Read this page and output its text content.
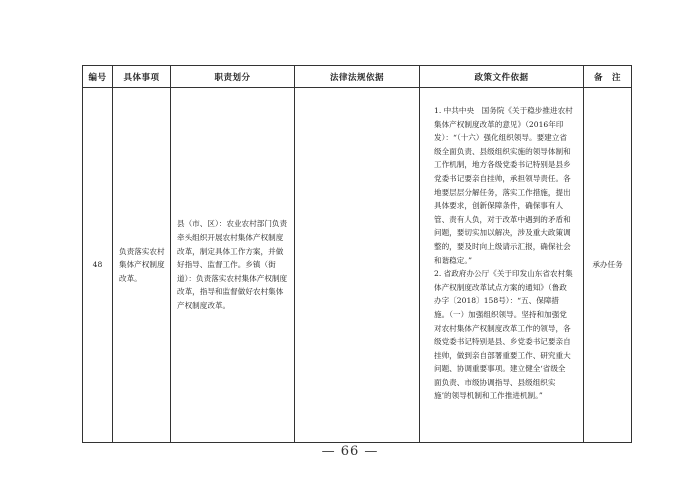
编号	具体事项	职责划分	法律法规依据	政策文件依据	备　注
48	负责落实农村集体产权制度改革。	县（市、区）：农业农村部门负责牵头组织开展农村集体产权制度改革，制定具体工作方案，并做好指导、监督工作。乡镇（街道）：负责落实农村集体产权制度改革，指导和监督做好农村集体产权制度改革。		1. 中共中央　国务院《关于稳步推进农村集体产权制度改革的意见》（2016年印发）：“（十六）强化组织领导。要建立省级全面负责、县级组织实施的领导体制和工作机制，地方各级党委书记特别是县乡党委书记要亲自挂帅，承担领导责任。各地要层层分解任务，落实工作措施，提出具体要求，创新保障条件，确保事有人管、责有人负，对于改革中遇到的矛盾和问题，要切实加以解决，涉及重大政策调整的，要及时向上级请示汇报，确保社会和谐稳定。”

2. 省政府办公厅《关于印发山东省农村集体产权制度改革试点方案的通知》（鲁政办字〔2018〕158号）：“五、保障措施。（一）加强组织领导。坚持和加强党对农村集体产权制度改革工作的领导，各级党委书记特别是县、乡党委书记要亲自挂帅，做到亲自部署重要工作、研究重大问题、协调重要事项。建立健全‘省级全面负责、市级协调指导、县级组织实施’的领导机制和工作推进机制。”	承办任务
— 66 —
